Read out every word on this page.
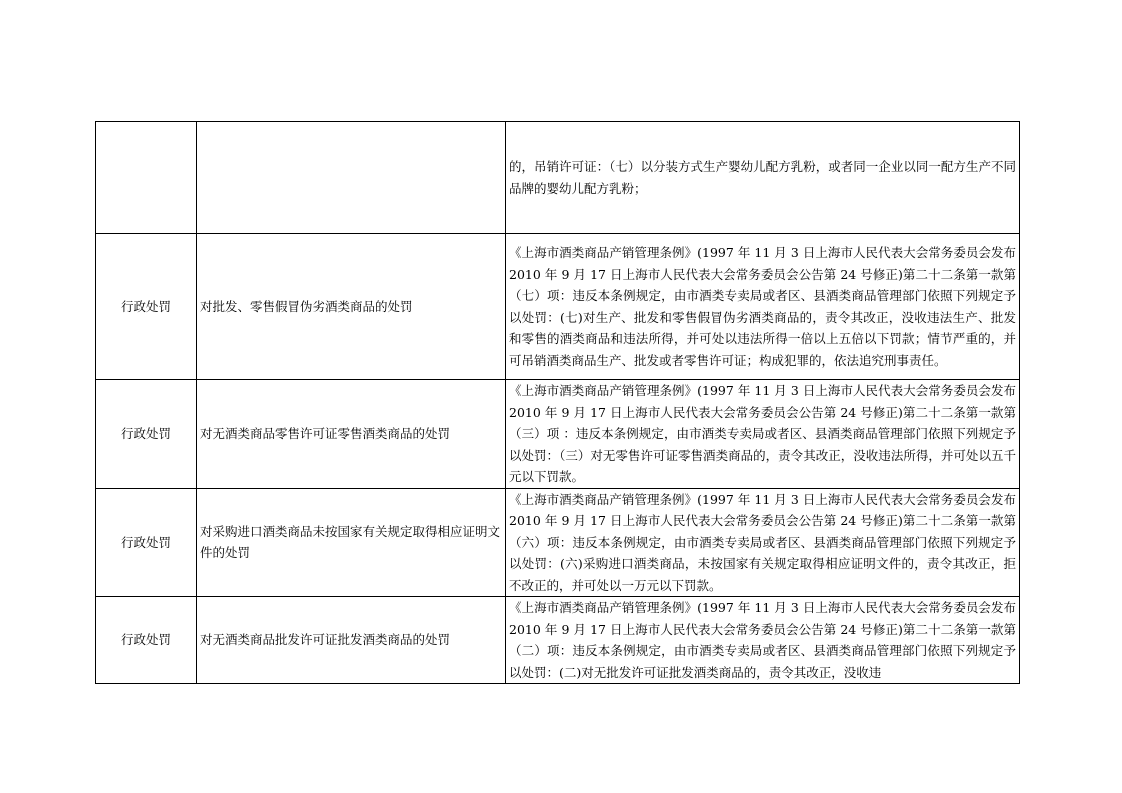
		的，吊销许可证：（七）以分装方式生产婴幼儿配方乳粉，或者同一企业以同一配方生产不同品牌的婴幼儿配方乳粉；
行政处罚	对批发、零售假冒伪劣酒类商品的处罚	《上海市酒类商品产销管理条例》(1997 年 11 月 3 日上海市人民代表大会常务委员会发布 2010 年 9 月 17 日上海市人民代表大会常务委员会公告第 24 号修正)第二十二条第一款第（七）项：违反本条例规定，由市酒类专卖局或者区、县酒类商品管理部门依照下列规定予以处罚：(七)对生产、批发和零售假冒伪劣酒类商品的，责令其改正，没收违法生产、批发和零售的酒类商品和违法所得，并可处以违法所得一倍以上五倍以下罚款；情节严重的，并可吊销酒类商品生产、批发或者零售许可证；构成犯罪的，依法追究刑事责任。
行政处罚	对无酒类商品零售许可证零售酒类商品的处罚	《上海市酒类商品产销管理条例》(1997 年 11 月 3 日上海市人民代表大会常务委员会发布 2010 年 9 月 17 日上海市人民代表大会常务委员会公告第 24 号修正)第二十二条第一款第（三）项 ：违反本条例规定，由市酒类专卖局或者区、县酒类商品管理部门依照下列规定予以处罚：（三）对无零售许可证零售酒类商品的，责令其改正，没收违法所得，并可处以五千元以下罚款。
行政处罚	对采购进口酒类商品未按国家有关规定取得相应证明文件的处罚	《上海市酒类商品产销管理条例》(1997 年 11 月 3 日上海市人民代表大会常务委员会发布 2010 年 9 月 17 日上海市人民代表大会常务委员会公告第 24 号修正)第二十二条第一款第（六）项：违反本条例规定，由市酒类专卖局或者区、县酒类商品管理部门依照下列规定予以处罚：(六)采购进口酒类商品，未按国家有关规定取得相应证明文件的，责令其改正，拒不改正的，并可处以一万元以下罚款。
行政处罚	对无酒类商品批发许可证批发酒类商品的处罚	《上海市酒类商品产销管理条例》(1997 年 11 月 3 日上海市人民代表大会常务委员会发布 2010 年 9 月 17 日上海市人民代表大会常务委员会公告第 24 号修正)第二十二条第一款第（二）项：违反本条例规定，由市酒类专卖局或者区、县酒类商品管理部门依照下列规定予以处罚：(二)对无批发许可证批发酒类商品的，责令其改正，没收违
